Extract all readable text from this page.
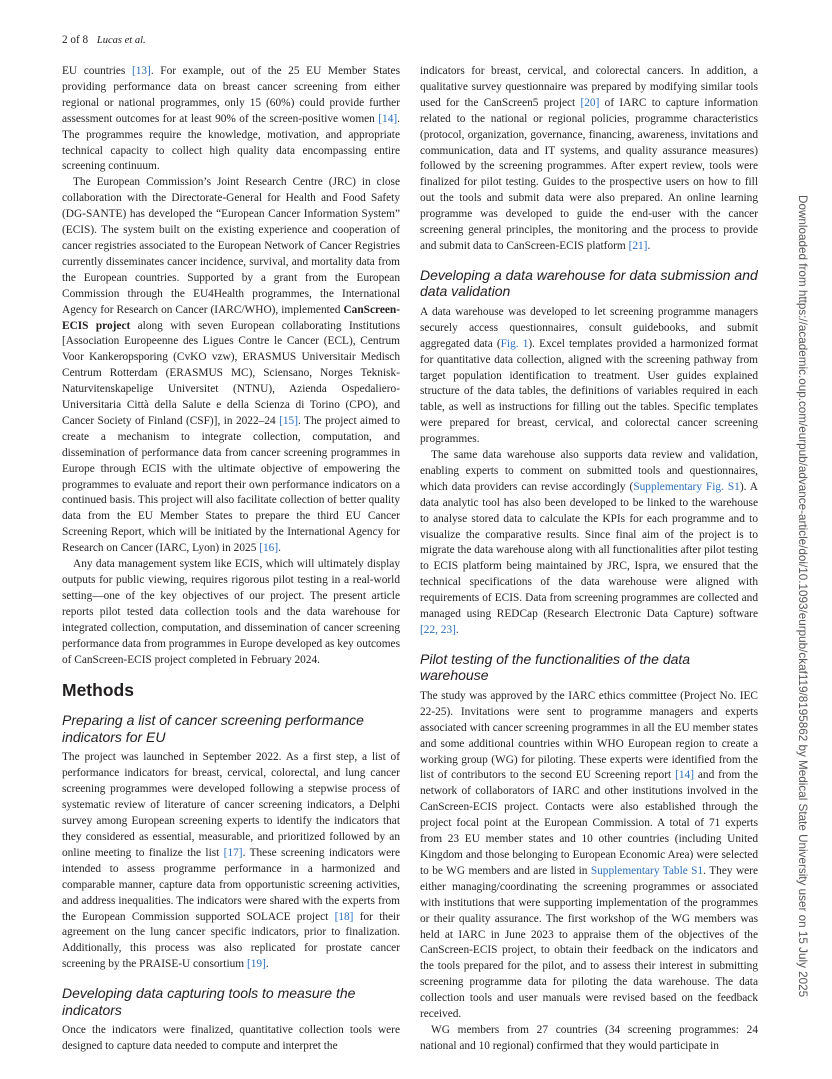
2 of 8 Lucas et al.

EU countries [13]. For example, out of the 25 EU Member States providing performance data on breast cancer screening from either regional or national programmes, only 15 (60%) could provide further assessment outcomes for at least 90% of the screen-positive women [14]. The programmes require the knowledge, motivation, and appropriate technical capacity to collect high quality data encompassing entire screening continuum.

The European Commission’s Joint Research Centre (JRC) in close collaboration with the Directorate-General for Health and Food Safety (DG-SANTE) has developed the “European Cancer Information System” (ECIS). The system built on the existing experience and cooperation of cancer registries associated to the European Network of Cancer Registries currently disseminates cancer incidence, survival, and mortality data from the European countries. Supported by a grant from the European Commission through the EU4Health programmes, the International Agency for Research on Cancer (IARC/WHO), implemented CanScreen-ECIS project along with seven European collaborating Institutions [Association Europeenne des Ligues Contre le Cancer (ECL), Centrum Voor Kankeropsporing (CvKO vzw), ERASMUS Universitair Medisch Centrum Rotterdam (ERASMUS MC), Sciensano, Norges Teknisk-Naturvitenskapelige Universitet (NTNU), Azienda Ospedaliero-Universitaria Città della Salute e della Scienza di Torino (CPO), and Cancer Society of Finland (CSF)], in 2022–24 [15]. The project aimed to create a mechanism to integrate collection, computation, and dissemination of performance data from cancer screening programmes in Europe through ECIS with the ultimate objective of empowering the programmes to evaluate and report their own performance indicators on a continued basis. This project will also facilitate collection of better quality data from the EU Member States to prepare the third EU Cancer Screening Report, which will be initiated by the International Agency for Research on Cancer (IARC, Lyon) in 2025 [16].

Any data management system like ECIS, which will ultimately display outputs for public viewing, requires rigorous pilot testing in a real-world setting—one of the key objectives of our project. The present article reports pilot tested data collection tools and the data warehouse for integrated collection, computation, and dissemination of cancer screening performance data from programmes in Europe developed as key outcomes of CanScreen-ECIS project completed in February 2024.

Methods
Preparing a list of cancer screening performance indicators for EU

The project was launched in September 2022. As a first step, a list of performance indicators for breast, cervical, colorectal, and lung cancer screening programmes were developed following a stepwise process of systematic review of literature of cancer screening indicators, a Delphi survey among European screening experts to identify the indicators that they considered as essential, measurable, and prioritized followed by an online meeting to finalize the list [17]. These screening indicators were intended to assess programme performance in a harmonized and comparable manner, capture data from opportunistic screening activities, and address inequalities. The indicators were shared with the experts from the European Commission supported SOLACE project [18] for their agreement on the lung cancer specific indicators, prior to finalization. Additionally, this process was also replicated for prostate cancer screening by the PRAISE-U consortium [19].

Developing data capturing tools to measure the indicators

Once the indicators were finalized, quantitative collection tools were designed to capture data needed to compute and interpret the

indicators for breast, cervical, and colorectal cancers. In addition, a qualitative survey questionnaire was prepared by modifying similar tools used for the CanScreen5 project [20] of IARC to capture information related to the national or regional policies, programme characteristics (protocol, organization, governance, financing, awareness, invitations and communication, data and IT systems, and quality assurance measures) followed by the screening programmes. After expert review, tools were finalized for pilot testing. Guides to the prospective users on how to fill out the tools and submit data were also prepared. An online learning programme was developed to guide the end-user with the cancer screening general principles, the monitoring and the process to provide and submit data to CanScreen-ECIS platform [21].

Developing a data warehouse for data submission and data validation

A data warehouse was developed to let screening programme managers securely access questionnaires, consult guidebooks, and submit aggregated data (Fig. 1). Excel templates provided a harmonized format for quantitative data collection, aligned with the screening pathway from target population identification to treatment. User guides explained structure of the data tables, the definitions of variables required in each table, as well as instructions for filling out the tables. Specific templates were prepared for breast, cervical, and colorectal cancer screening programmes.

The same data warehouse also supports data review and validation, enabling experts to comment on submitted tools and questionnaires, which data providers can revise accordingly (Supplementary Fig. S1). A data analytic tool has also been developed to be linked to the warehouse to analyse stored data to calculate the KPIs for each programme and to visualize the comparative results. Since final aim of the project is to migrate the data warehouse along with all functionalities after pilot testing to ECIS platform being maintained by JRC, Ispra, we ensured that the technical specifications of the data warehouse were aligned with requirements of ECIS. Data from screening programmes are collected and managed using REDCap (Research Electronic Data Capture) software [22, 23].

Pilot testing of the functionalities of the data warehouse

The study was approved by the IARC ethics committee (Project No. IEC 22-25). Invitations were sent to programme managers and experts associated with cancer screening programmes in all the EU member states and some additional countries within WHO European region to create a working group (WG) for piloting. These experts were identified from the list of contributors to the second EU Screening report [14] and from the network of collaborators of IARC and other institutions involved in the CanScreen-ECIS project. Contacts were also established through the project focal point at the European Commission. A total of 71 experts from 23 EU member states and 10 other countries (including United Kingdom and those belonging to European Economic Area) were selected to be WG members and are listed in Supplementary Table S1. They were either managing/coordinating the screening programmes or associated with institutions that were supporting implementation of the programmes or their quality assurance. The first workshop of the WG members was held at IARC in June 2023 to appraise them of the objectives of the CanScreen-ECIS project, to obtain their feedback on the indicators and the tools prepared for the pilot, and to assess their interest in submitting screening programme data for piloting the data warehouse. The data collection tools and user manuals were revised based on the feedback received.

WG members from 27 countries (34 screening programmes: 24 national and 10 regional) confirmed that they would participate in

Downloaded from https://academic.oup.com/eurpub/advance-article/doi/10.1093/eurpub/ckaf119/8195862 by Medical State University user on 15 July 2025
